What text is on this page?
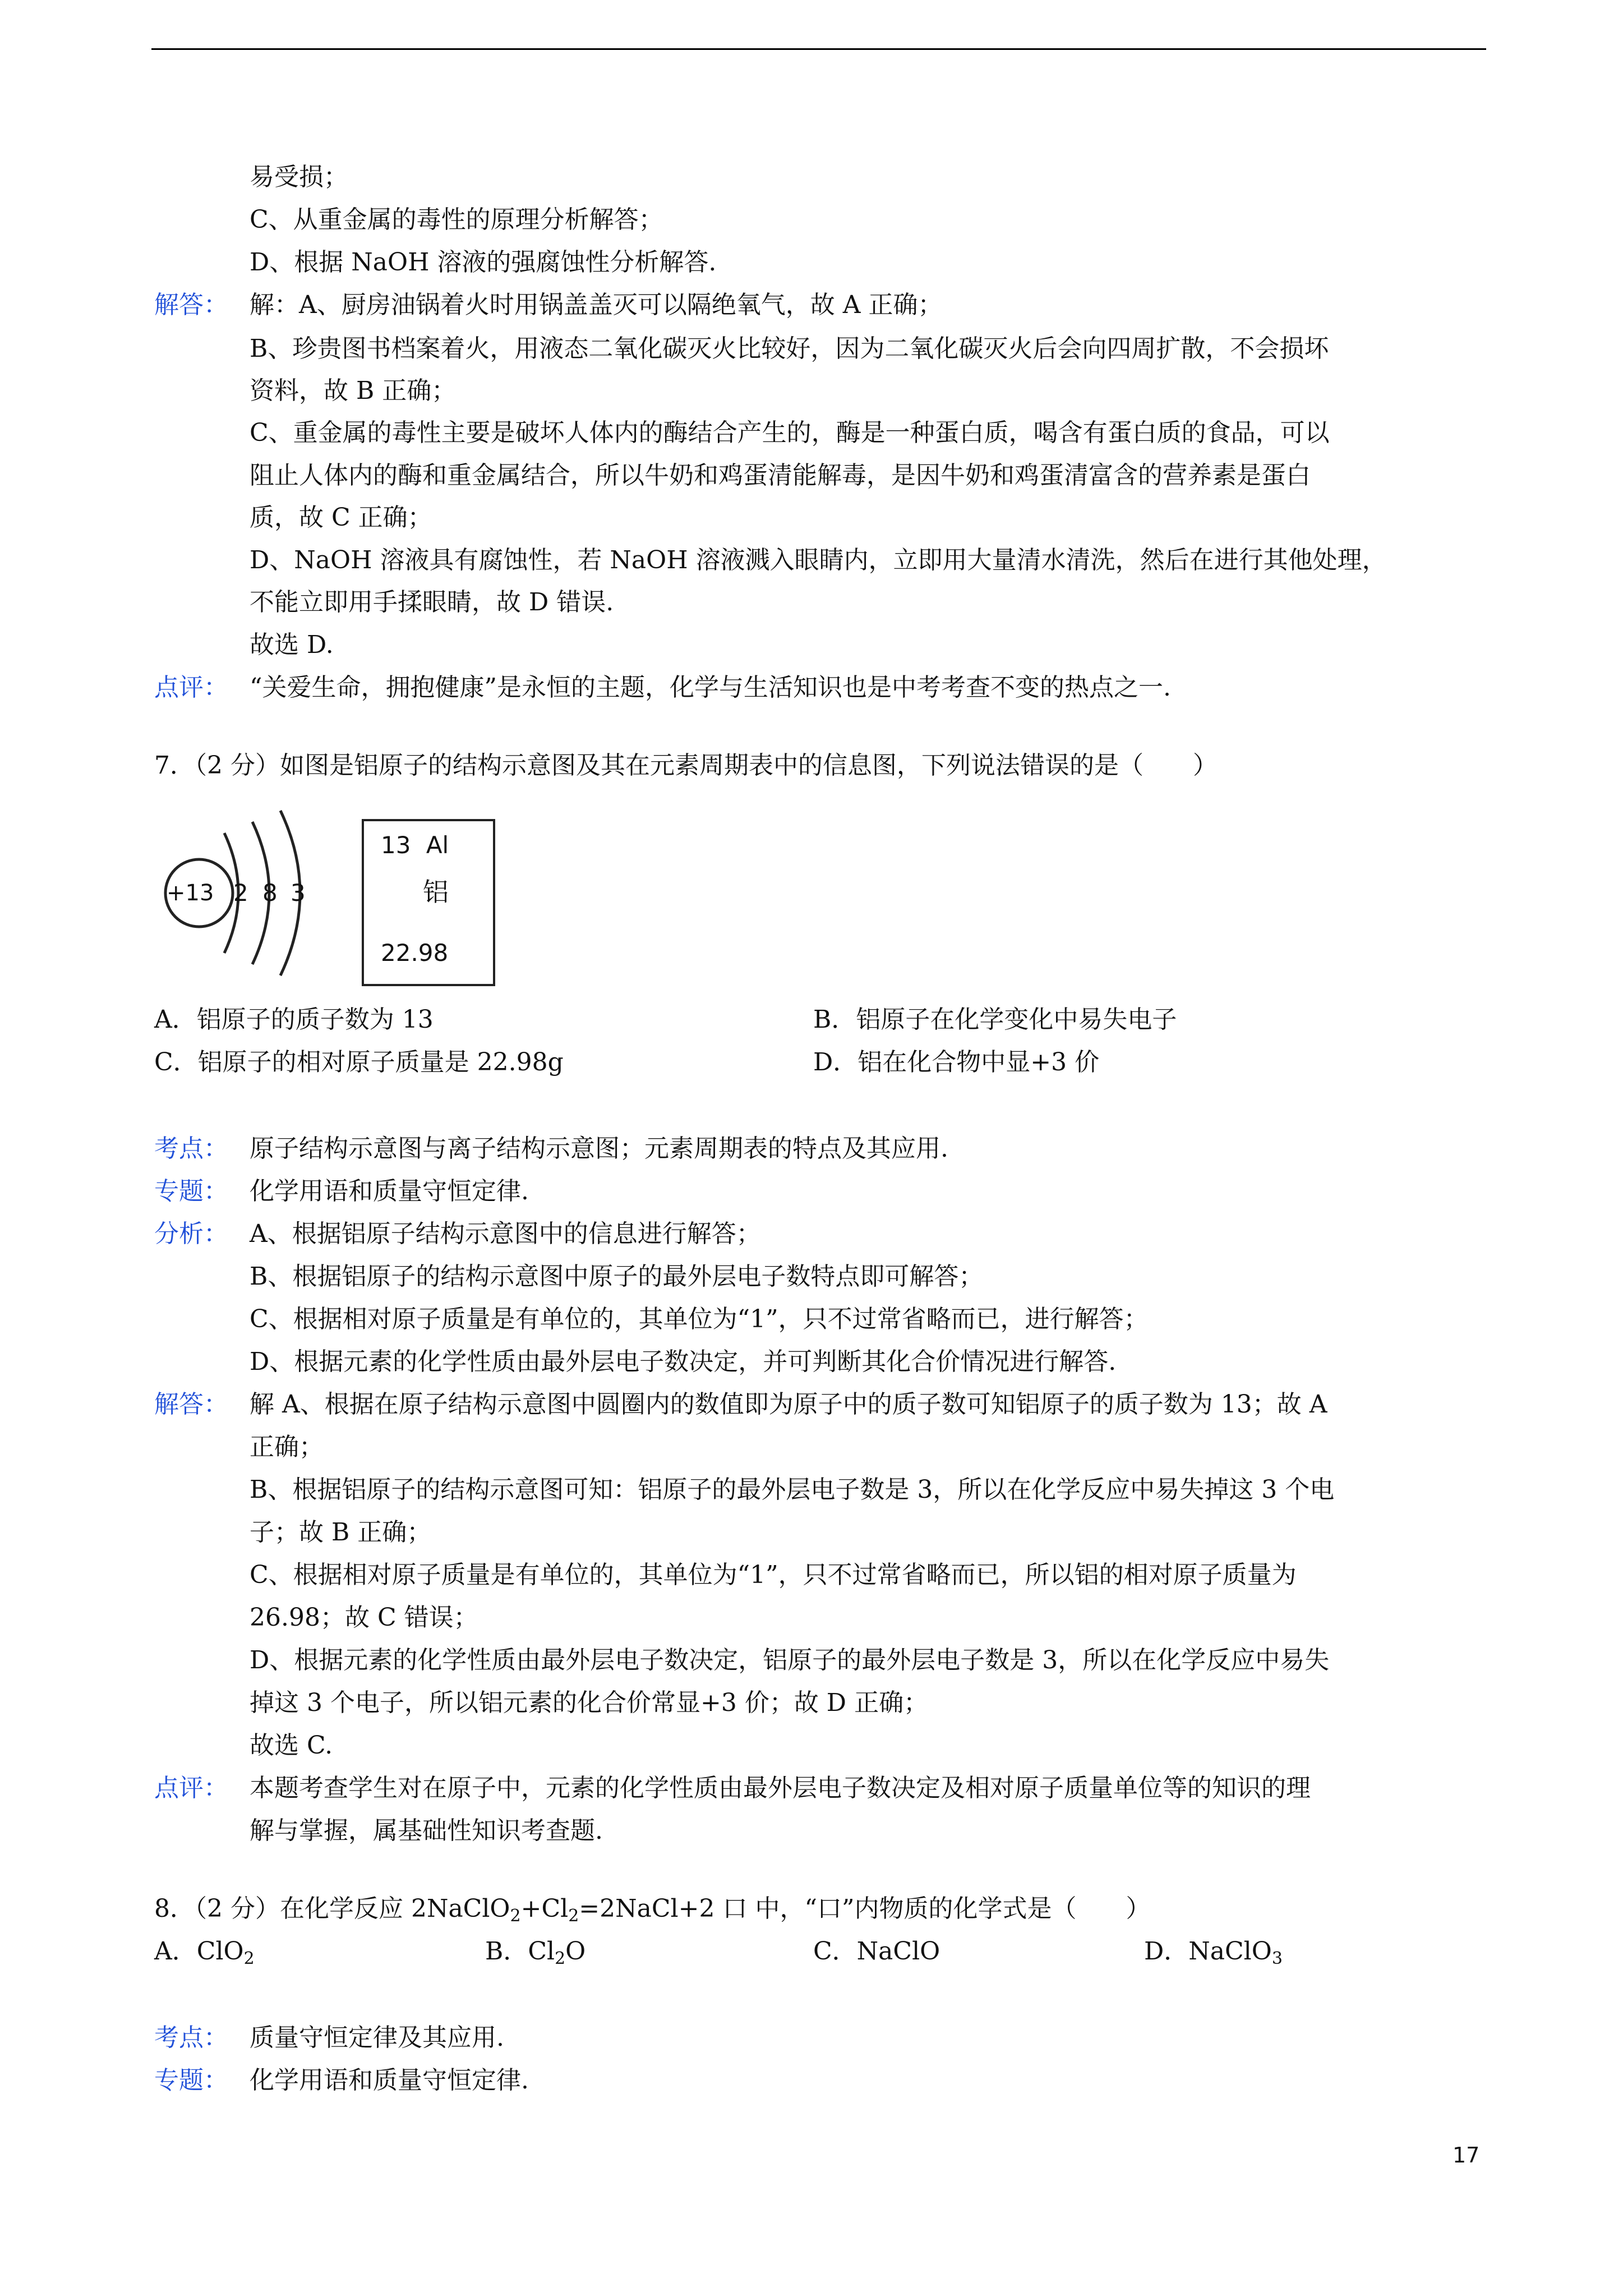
易受损；
C、从重金属的毒性的原理分析解答；
D、根据 NaOH 溶液的强腐蚀性分析解答.
解答： 解：A、厨房油锅着火时用锅盖盖灭可以隔绝氧气，故 A 正确；
B、珍贵图书档案着火，用液态二氧化碳灭火比较好，因为二氧化碳灭火后会向四周扩散，不会损坏
资料，故 B 正确；
C、重金属的毒性主要是破坏人体内的酶结合产生的，酶是一种蛋白质，喝含有蛋白质的食品，可以
阻止人体内的酶和重金属结合，所以牛奶和鸡蛋清能解毒，是因牛奶和鸡蛋清富含的营养素是蛋白
质，故 C 正确；
D、NaOH 溶液具有腐蚀性，若 NaOH 溶液溅入眼睛内，立即用大量清水清洗，然后在进行其他处理，
不能立即用手揉眼睛，故 D 错误.
故选 D.
点评： “关爱生命，拥抱健康”是永恒的主题，化学与生活知识也是中考考查不变的热点之一.
7．（2 分）如图是铝原子的结构示意图及其在元素周期表中的信息图，下列说法错误的是（　　）
+13 2 8 3
13 Al
铝
22.98
A．铝原子的质子数为 13	B．铝原子在化学变化中易失电子
C．铝原子的相对原子质量是 22.98g	D．铝在化合物中显+3 价
考点： 原子结构示意图与离子结构示意图；元素周期表的特点及其应用.
专题： 化学用语和质量守恒定律.
分析： A、根据铝原子结构示意图中的信息进行解答；
B、根据铝原子的结构示意图中原子的最外层电子数特点即可解答；
C、根据相对原子质量是有单位的，其单位为“1”，只不过常省略而已，进行解答；
D、根据元素的化学性质由最外层电子数决定，并可判断其化合价情况进行解答.
解答： 解 A、根据在原子结构示意图中圆圈内的数值即为原子中的质子数可知铝原子的质子数为 13；故 A
正确；
B、根据铝原子的结构示意图可知：铝原子的最外层电子数是 3，所以在化学反应中易失掉这 3 个电
子；故 B 正确；
C、根据相对原子质量是有单位的，其单位为“1”，只不过常省略而已，所以铝的相对原子质量为
26.98；故 C 错误；
D、根据元素的化学性质由最外层电子数决定，铝原子的最外层电子数是 3，所以在化学反应中易失
掉这 3 个电子，所以铝元素的化合价常显+3 价；故 D 正确；
故选 C.
点评： 本题考查学生对在原子中，元素的化学性质由最外层电子数决定及相对原子质量单位等的知识的理
解与掌握，属基础性知识考查题.
8．（2 分）在化学反应 $2NaClO_2+Cl_2=2NaCl+2$ 口 中，“口”内物质的化学式是（　　）
A．ClO$_2$	B．$Cl_2O$	C．NaClO	D．NaClO$_3$
考点： 质量守恒定律及其应用.
专题： 化学用语和质量守恒定律.
17
